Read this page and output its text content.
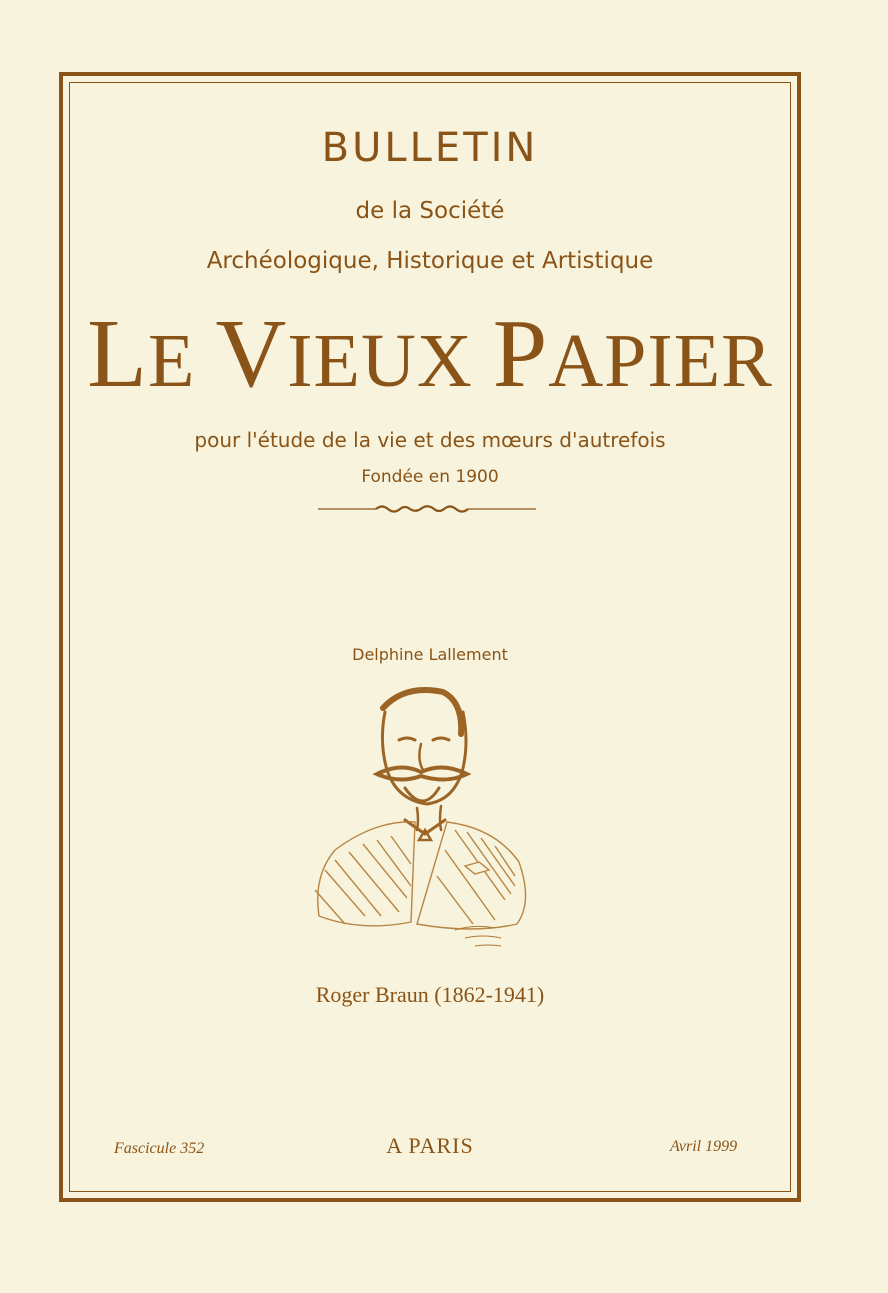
BULLETIN
de la Société
Archéologique, Historique et Artistique
LE VIEUX PAPIER
pour l'étude de la vie et des mœurs d'autrefois
Fondée en 1900
Delphine Lallement
Roger Braun (1862-1941)
Fascicule 352	A PARIS	Avril 1999
